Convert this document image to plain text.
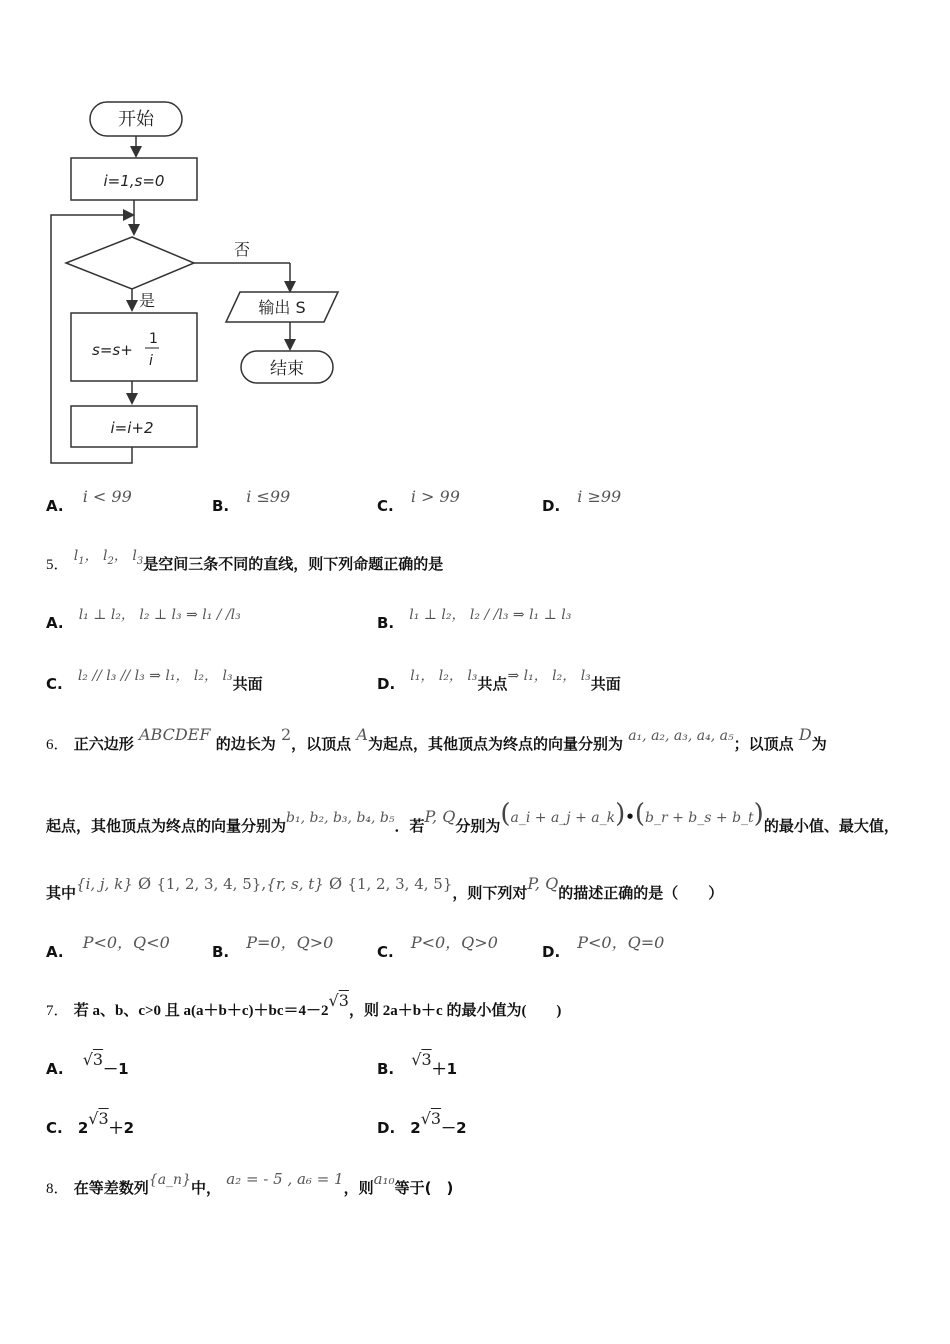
开始
i=1,s=0
否
是
s=s+
1
i
i=i+2
输出 S
结束
A. i < 99	B. i ≤99	C. i > 99	D. i ≥99
5． $l_1$， $l_2$， $l_3$是空间三条不同的直线，则下列命题正确的是
A. l₁ ⊥ l₂， l₂ ⊥ l₃ ⇒ l₁ / /l₃	B. l₁ ⊥ l₂， l₂ / /l₃ ⇒ l₁ ⊥ l₃
C. l₂ // l₃ // l₃ ⇒ l₁， l₂， l₃共面	D. l₁， l₂， l₃共点⇒ l₁， l₂， l₃共面
6． 正六边形 ABCDEF 的边长为 2，以顶点 A为起点，其他顶点为终点的向量分别为 a₁, a₂, a₃, a₄, a₅；以顶点 D为
起点，其他顶点为终点的向量分别为b₁, b₂, b₃, b₄, b₅．若P, Q分别为(a_i + a_j + a_k)•(b_r + b_s + b_t)的最小值、最大值，
其中{i, j, k} Ø {1, 2, 3, 4, 5},{r, s, t} Ø {1, 2, 3, 4, 5}，则下列对P, Q的描述正确的是（　　）
A. P<0，Q<0	B. P=0，Q>0	C. P<0，Q>0	D. P<0，Q=0
7． 若 a、b、c>0 且 a(a＋b＋c)＋bc＝4－2√3，则 2a＋b＋c 的最小值为(　　)
A. √3－1	B. √3＋1
C. 2√3＋2	D. 2√3－2
8． 在等差数列{a_n}中， a₂ = - 5 , a₆ = 1，则a₁₀等于(　)
